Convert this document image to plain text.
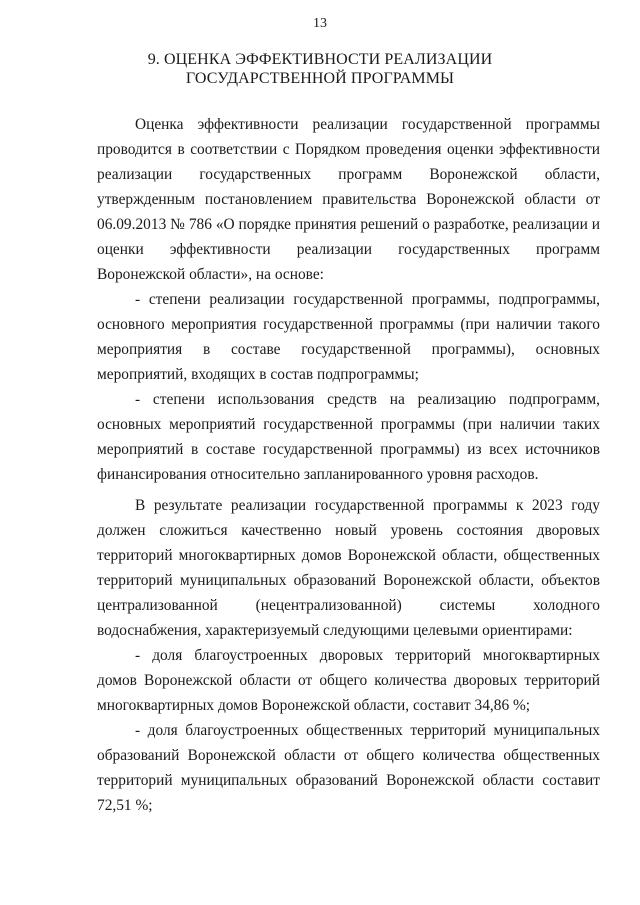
13
9. ОЦЕНКА ЭФФЕКТИВНОСТИ РЕАЛИЗАЦИИ
ГОСУДАРСТВЕННОЙ ПРОГРАММЫ

Оценка эффективности реализации государственной программы проводится в соответствии с Порядком проведения оценки эффективности реализации государственных программ Воронежской области, утвержденным постановлением правительства Воронежской области от 06.09.2013 № 786 «О порядке принятия решений о разработке, реализации и оценки эффективности реализации государственных программ Воронежской области», на основе:

- степени реализации государственной программы, подпрограммы, основного мероприятия государственной программы (при наличии такого мероприятия в составе государственной программы), основных мероприятий, входящих в состав подпрограммы;

- степени использования средств на реализацию подпрограмм, основных мероприятий государственной программы (при наличии таких мероприятий в составе государственной программы) из всех источников финансирования относительно запланированного уровня расходов.

В результате реализации государственной программы к 2023 году должен сложиться качественно новый уровень состояния дворовых территорий многоквартирных домов Воронежской области, общественных территорий муниципальных образований Воронежской области, объектов централизованной (нецентрализованной) системы холодного водоснабжения, характеризуемый следующими целевыми ориентирами:

- доля благоустроенных дворовых территорий многоквартирных домов Воронежской области от общего количества дворовых территорий многоквартирных домов Воронежской области, составит 34,86 %;

- доля благоустроенных общественных территорий муниципальных образований Воронежской области от общего количества общественных территорий муниципальных образований Воронежской области составит 72,51 %;
